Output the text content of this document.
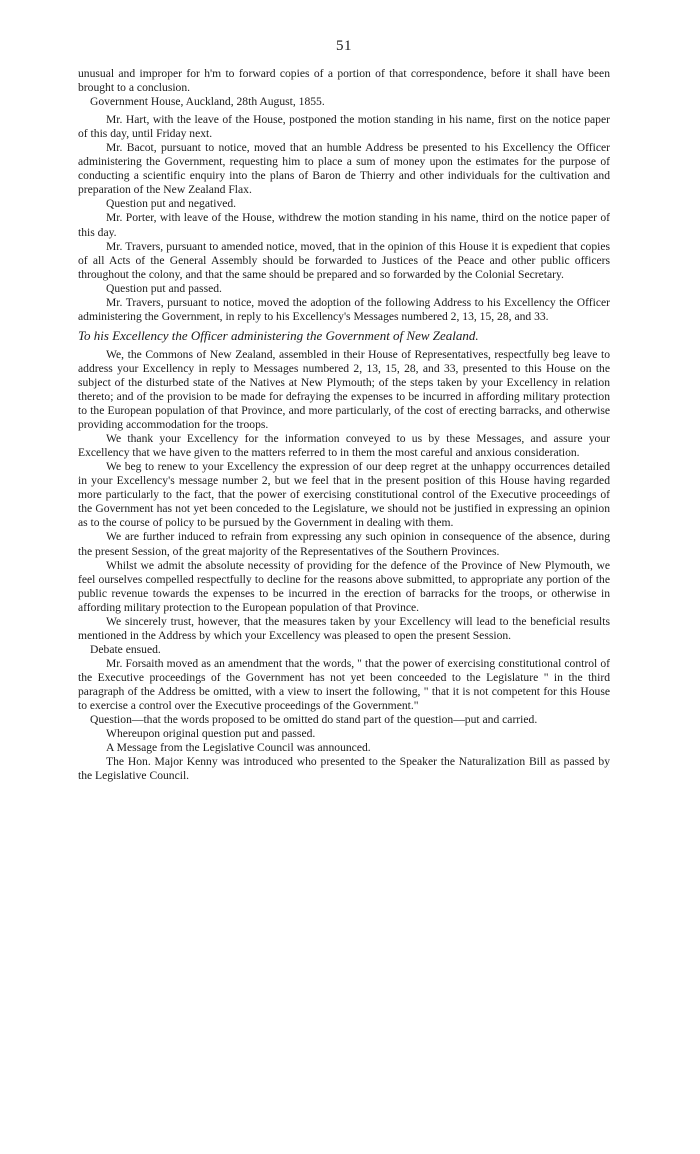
51

unusual and improper for h'm to forward copies of a portion of that correspondence, before it shall have been brought to a conclusion.

Government House, Auckland, 28th August, 1855.

Mr. Hart, with the leave of the House, postponed the motion standing in his name, first on the notice paper of this day, until Friday next.

Mr. Bacot, pursuant to notice, moved that an humble Address be presented to his Excellency the Officer administering the Government, requesting him to place a sum of money upon the estimates for the purpose of conducting a scientific enquiry into the plans of Baron de Thierry and other individuals for the cultivation and preparation of the New Zealand Flax.

Question put and negatived.

Mr. Porter, with leave of the House, withdrew the motion standing in his name, third on the notice paper of this day.

Mr. Travers, pursuant to amended notice, moved, that in the opinion of this House it is expedient that copies of all Acts of the General Assembly should be forwarded to Justices of the Peace and other public officers throughout the colony, and that the same should be prepared and so forwarded by the Colonial Secretary.

Question put and passed.

Mr. Travers, pursuant to notice, moved the adoption of the following Address to his Excellency the Officer administering the Government, in reply to his Excellency's Messages numbered 2, 13, 15, 28, and 33.

To his Excellency the Officer administering the Government of New Zealand.

We, the Commons of New Zealand, assembled in their House of Representatives, respectfully beg leave to address your Excellency in reply to Messages numbered 2, 13, 15, 28, and 33, presented to this House on the subject of the disturbed state of the Natives at New Plymouth; of the steps taken by your Excellency in relation thereto; and of the provision to be made for defraying the expenses to be incurred in affording military protection to the European population of that Province, and more particularly, of the cost of erecting barracks, and otherwise providing accommodation for the troops.

We thank your Excellency for the information conveyed to us by these Messages, and assure your Excellency that we have given to the matters referred to in them the most careful and anxious consideration.

We beg to renew to your Excellency the expression of our deep regret at the unhappy occurrences detailed in your Excellency's message number 2, but we feel that in the present position of this House having regarded more particularly to the fact, that the power of exercising constitutional control of the Executive proceedings of the Government has not yet been conceded to the Legislature, we should not be justified in expressing an opinion as to the course of policy to be pursued by the Government in dealing with them.

We are further induced to refrain from expressing any such opinion in consequence of the absence, during the present Session, of the great majority of the Representatives of the Southern Provinces.

Whilst we admit the absolute necessity of providing for the defence of the Province of New Plymouth, we feel ourselves compelled respectfully to decline for the reasons above submitted, to appropriate any portion of the public revenue towards the expenses to be incurred in the erection of barracks for the troops, or otherwise in affording military protection to the European population of that Province.

We sincerely trust, however, that the measures taken by your Excellency will lead to the beneficial results mentioned in the Address by which your Excellency was pleased to open the present Session.

Debate ensued.

Mr. Forsaith moved as an amendment that the words, " that the power of exercising constitutional control of the Executive proceedings of the Government has not yet been conceeded to the Legislature " in the third paragraph of the Address be omitted, with a view to insert the following, " that it is not competent for this House to exercise a control over the Executive proceedings of the Government."

Question—that the words proposed to be omitted do stand part of the question—put and carried.

Whereupon original question put and passed.

A Message from the Legislative Council was announced.

The Hon. Major Kenny was introduced who presented to the Speaker the Naturalization Bill as passed by the Legislative Council.
